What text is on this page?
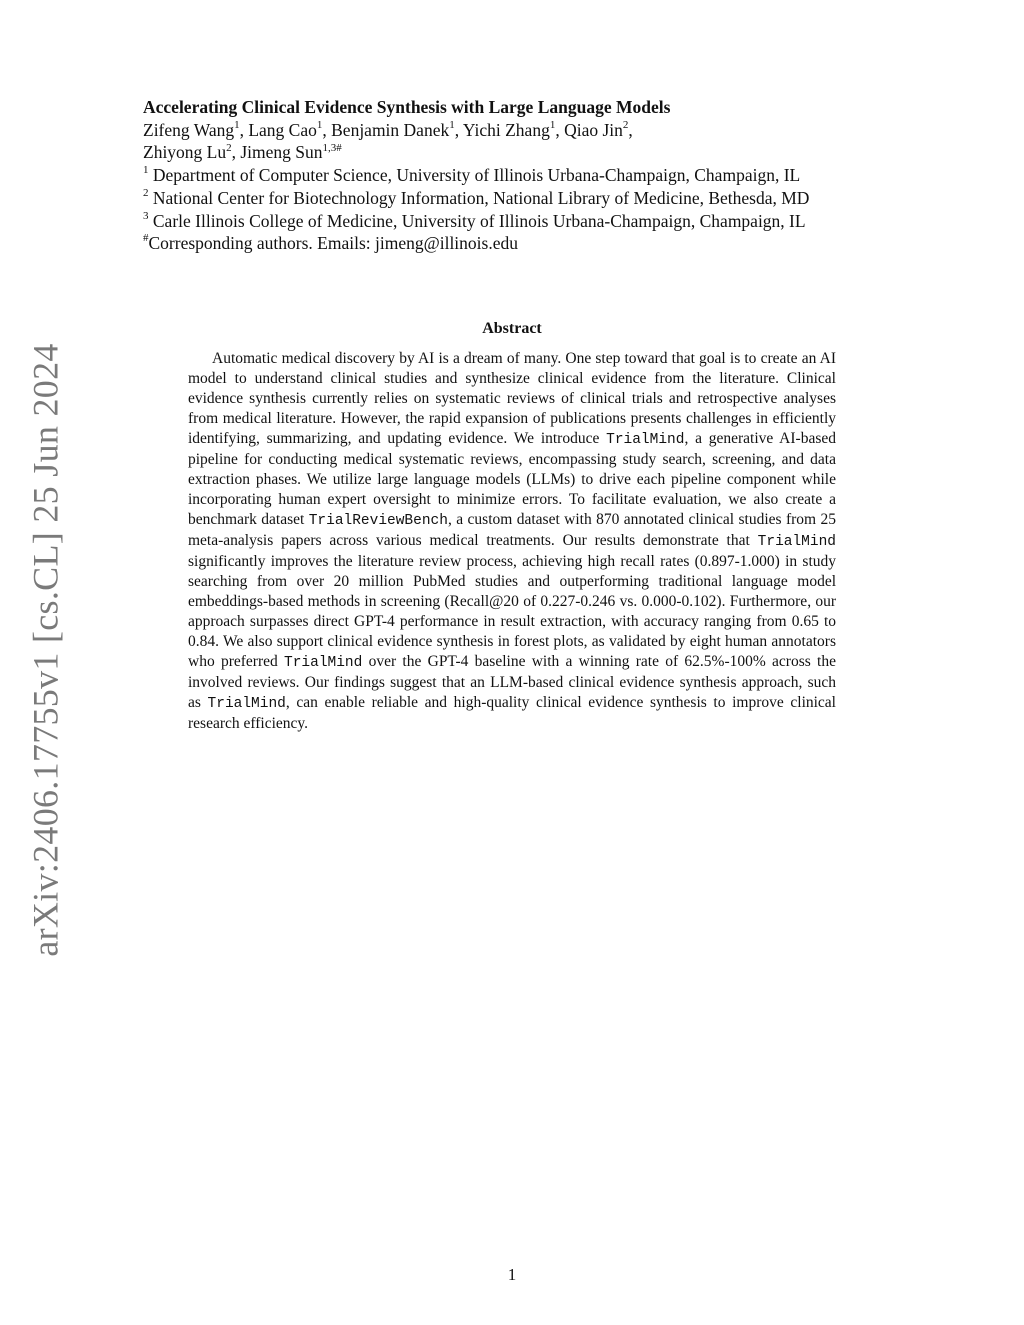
arXiv:2406.17755v1 [cs.CL] 25 Jun 2024

Accelerating Clinical Evidence Synthesis with Large Language Models

Zifeng Wang$^1$, Lang Cao$^1$, Benjamin Danek$^1$, Yichi Zhang$^1$, Qiao Jin$^2$,
Zhiyong Lu$^2$, Jimeng Sun$^{1,3\#}$

$^1$ Department of Computer Science, University of Illinois Urbana-Champaign, Champaign, IL

$^2$ National Center for Biotechnology Information, National Library of Medicine, Bethesda, MD

$^3$ Carle Illinois College of Medicine, University of Illinois Urbana-Champaign, Champaign, IL

#Corresponding authors. Emails: jimeng@illinois.edu

Abstract
Automatic medical discovery by AI is a dream of many. One step toward that goal is to create an AI model to understand clinical studies and synthesize clinical evidence from the literature. Clinical evidence synthesis currently relies on systematic reviews of clinical trials and retrospective analyses from medical literature. However, the rapid expansion of publications presents challenges in efficiently identifying, summarizing, and updating evidence. We introduce TrialMind, a generative AI-based pipeline for conducting medical systematic reviews, encompassing study search, screening, and data extraction phases. We utilize large language models (LLMs) to drive each pipeline component while incorporating human expert oversight to minimize errors. To facilitate evaluation, we also create a benchmark dataset TrialReviewBench, a custom dataset with 870 annotated clinical studies from 25 meta-analysis papers across various medical treatments. Our results demonstrate that TrialMind significantly improves the literature review process, achieving high recall rates (0.897-1.000) in study searching from over 20 million PubMed studies and outperforming traditional language model embeddings-based methods in screening (Recall@20 of 0.227-0.246 vs. 0.000-0.102). Furthermore, our approach surpasses direct GPT-4 performance in result extraction, with accuracy ranging from 0.65 to 0.84. We also support clinical evidence synthesis in forest plots, as validated by eight human annotators who preferred TrialMind over the GPT-4 baseline with a winning rate of 62.5%-100% across the involved reviews. Our findings suggest that an LLM-based clinical evidence synthesis approach, such as TrialMind, can enable reliable and high-quality clinical evidence synthesis to improve clinical research efficiency.
1
